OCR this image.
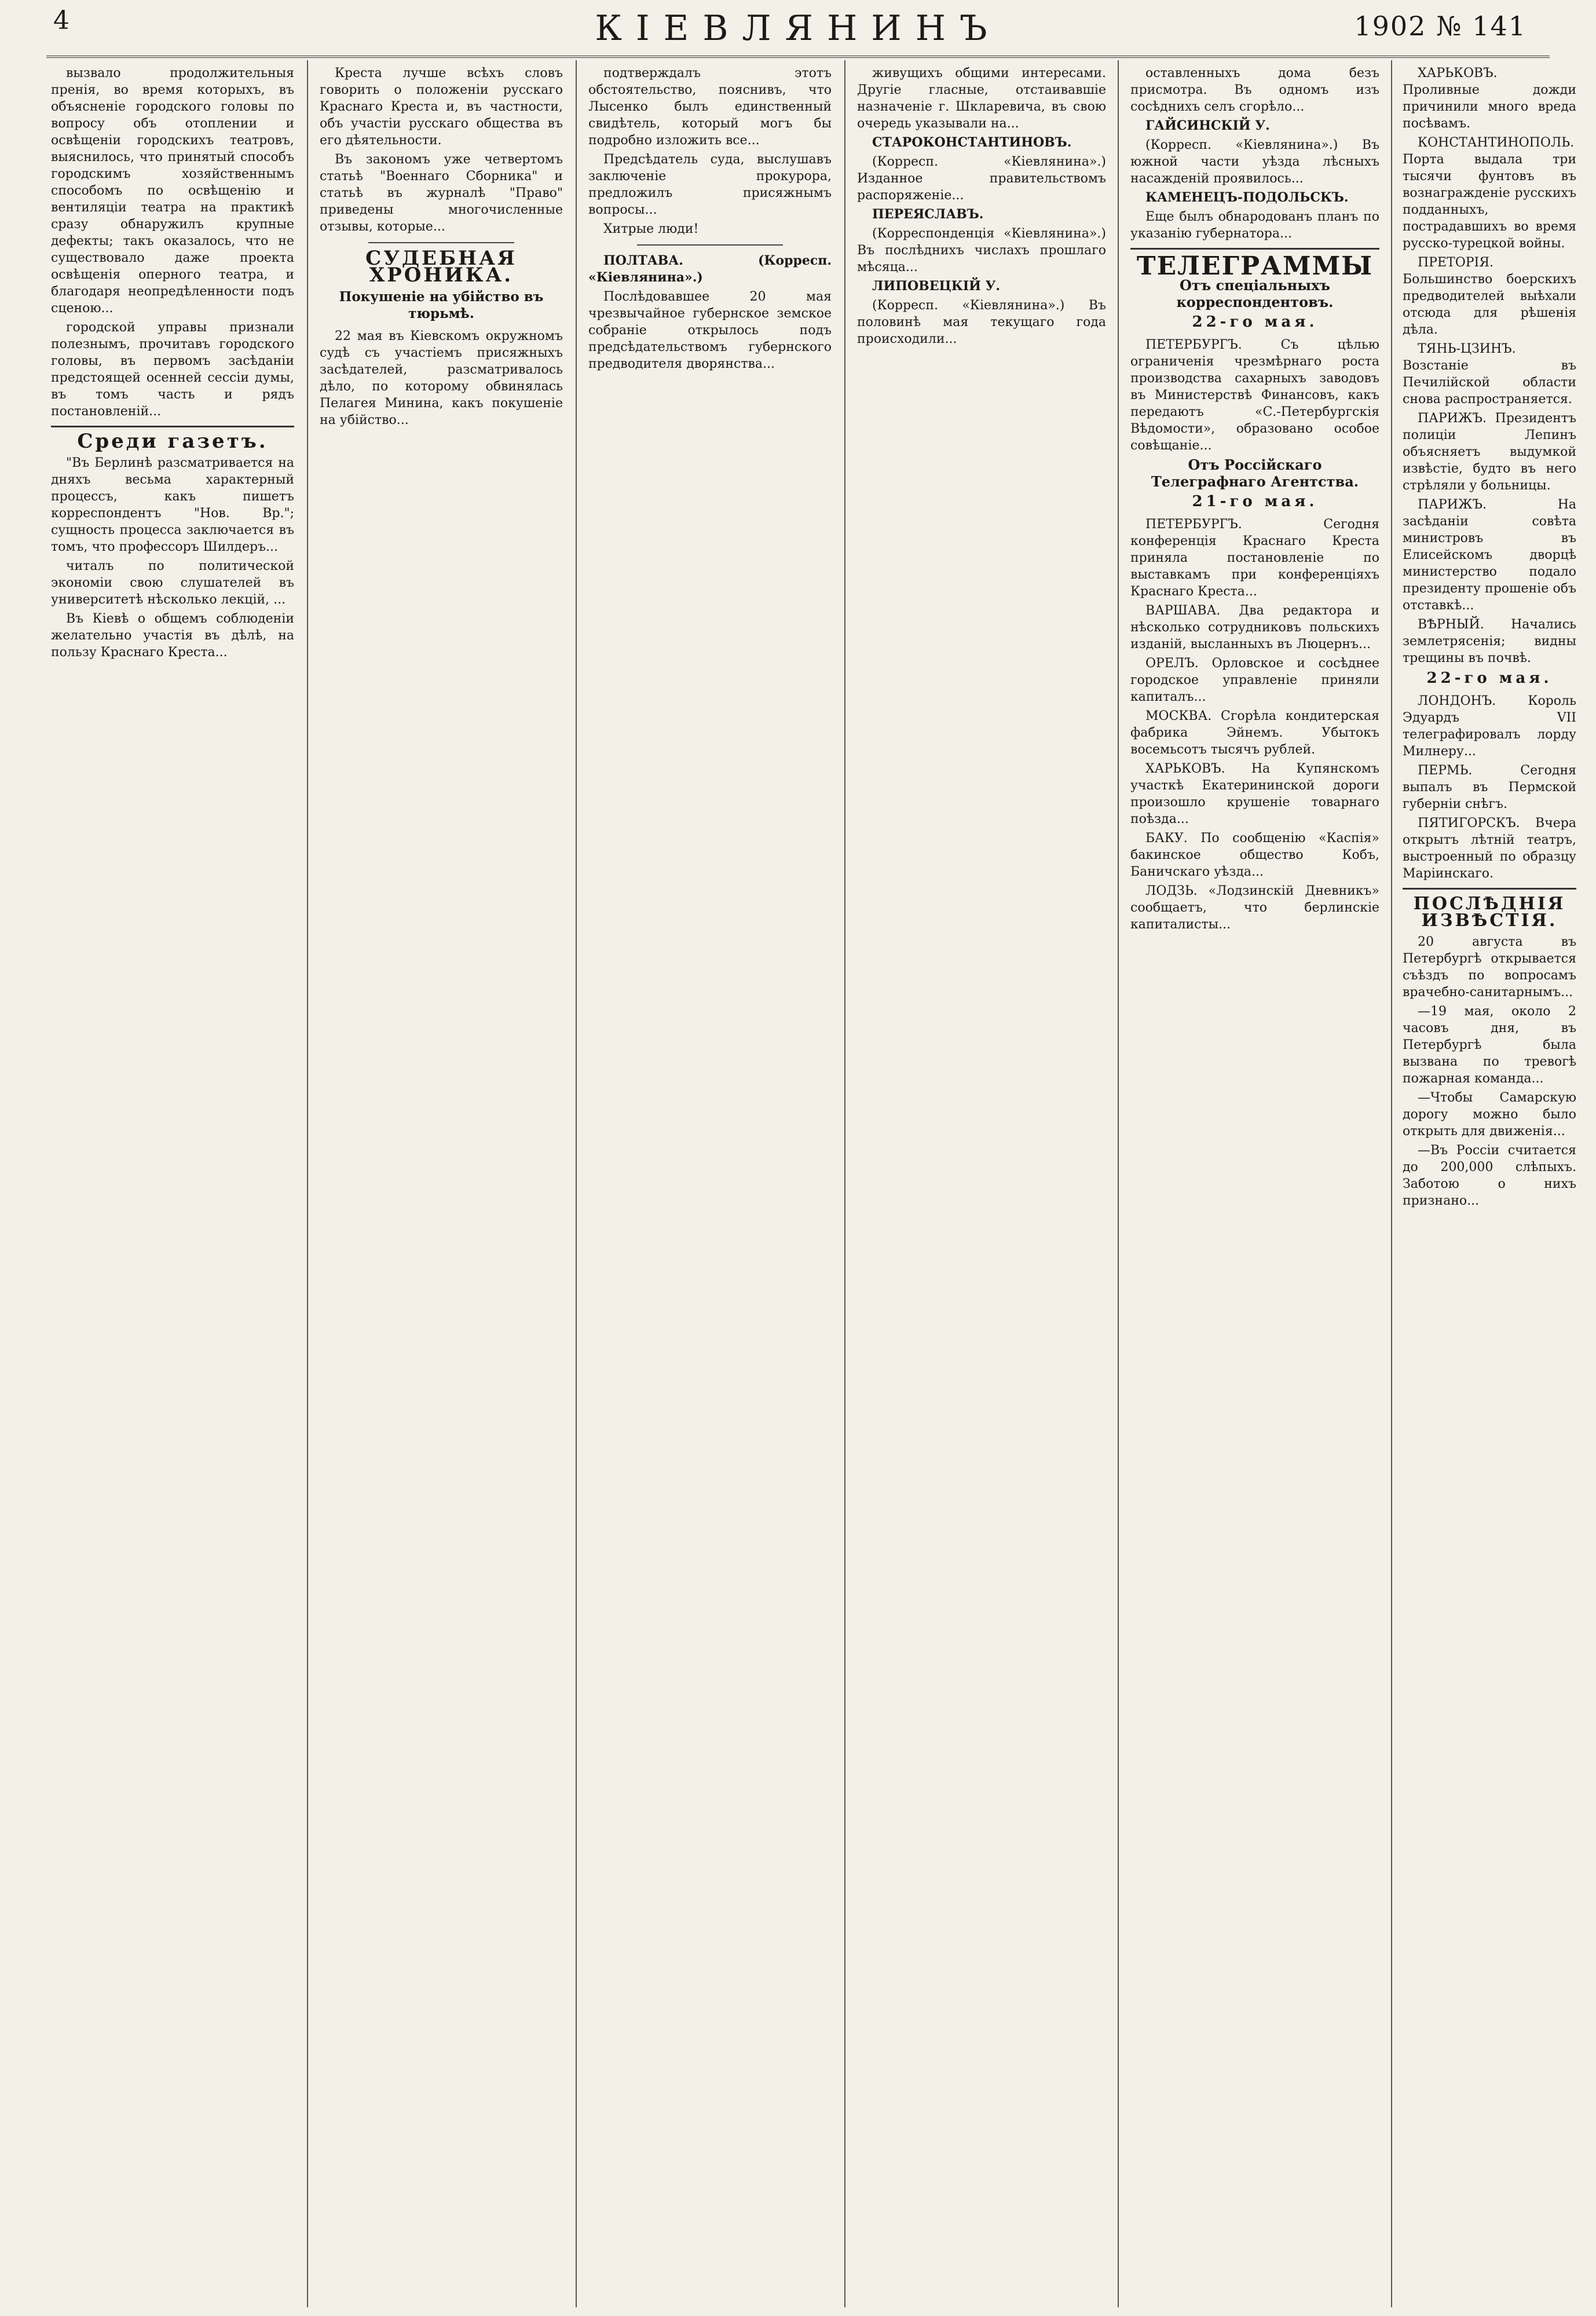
4	КІЕВЛЯНИНЪ	1902 № 141

вызвало продолжительныя пренія, во время которыхъ, въ объясненіе городского головы по вопросу объ отоплении и освѣщеніи городскихъ театровъ, выяснилось, что принятый способъ городскимъ хозяйственнымъ способомъ по освѣщенію и вентиляціи театра на практикѣ сразу обнаружилъ крупные дефекты; такъ оказалось, что не существовало даже проекта освѣщенія оперного театра, и благодаря неопредѣленности подъ сценою...

городской управы признали полезнымъ, прочитавъ городского головы, въ первомъ засѣданіи предстоящей осенней сессіи думы, въ томъ часть и рядъ постановленій...

Среди газетъ.

"Въ Берлинѣ разсматривается на дняхъ весьма характерный процессъ, какъ пишетъ корреспондентъ "Нов. Вр."; сущность процесса заключается въ томъ, что профессоръ Шилдеръ...

читалъ по политической экономіи свою слушателей въ университетѣ нѣсколько лекцій, ...

Въ Кіевѣ о общемъ соблюденіи желательно участія въ дѣлѣ, на пользу Краснаго Креста...

Креста лучше всѣхъ словъ говорить о положеніи русскаго Краснаго Креста и, въ частности, объ участіи русскаго общества въ его дѣятельности.

Въ закономъ уже четвертомъ статьѣ "Военнаго Сборника" и статьѣ въ журналѣ "Право" приведены многочисленные отзывы, которые...

СУДЕБНАЯ ХРОНИКА.
Покушеніе на убійство въ тюрьмѣ.

22 мая въ Кіевскомъ окружномъ судѣ съ участіемъ присяжныхъ засѣдателей, разсматривалось дѣло, по которому обвинялась Пелагея Минина, какъ покушеніе на убійство...

подтверждалъ этотъ обстоятельство, пояснивъ, что Лысенко былъ единственный свидѣтель, который могъ бы подробно изложить все...

Предсѣдатель суда, выслушавъ заключеніе прокурора, предложилъ присяжнымъ вопросы...

Хитрые люди!

ПОЛТАВА. (Корресп. «Кіевлянина».)

Послѣдовавшее 20 мая чрезвычайное губернское земское собраніе открылось подъ предсѣдательствомъ губернского предводителя дворянства...

живущихъ общими интересами. Другіе гласные, отстаивавшіе назначеніе г. Шкларевича, въ свою очередь указывали на...

СТАРОКОНСТАНТИНОВЪ.

(Корресп. «Кіевлянина».) Изданное правительствомъ распоряженіе...

ПЕРЕЯСЛАВЪ.

(Корреспонденція «Кіевлянина».) Въ послѣднихъ числахъ прошлаго мѣсяца...

ЛИПОВЕЦКІЙ У.

(Корресп. «Кіевлянина».) Въ половинѣ мая текущаго года происходили...

оставленныхъ дома безъ присмотра. Въ одномъ изъ сосѣднихъ селъ сгорѣло...

ГАЙСИНСКІЙ У.

(Корресп. «Кіевлянина».) Въ южной части уѣзда лѣсныхъ насажденій проявилось...

КАМЕНЕЦЪ-ПОДОЛЬСКЪ.

Еще былъ обнародованъ планъ по указанію губернатора...

ТЕЛЕГРАММЫ
Отъ спеціальныхъ корреспондентовъ.
22-го мая.

ПЕТЕРБУРГЪ. Съ цѣлью ограниченія чрезмѣрнаго роста производства сахарныхъ заводовъ въ Министерствѣ Финансовъ, какъ передаютъ «С.-Петербургскія Вѣдомости», образовано особое совѣщаніе...

Отъ Россійскаго Телеграфнаго Агентства.
21-го мая.

ПЕТЕРБУРГЪ. Сегодня конференція Краснаго Креста приняла постановленіе по выставкамъ при конференціяхъ Краснаго Креста...

ВАРШАВА. Два редактора и нѣсколько сотрудниковъ польскихъ изданій, высланныхъ въ Люцернъ...

ОРЕЛЪ. Орловское и сосѣднее городское управленіе приняли капиталъ...

МОСКВА. Сгорѣла кондитерская фабрика Эйнемъ. Убытокъ восемьсотъ тысячъ рублей.

ХАРЬКОВЪ. На Купянскомъ участкѣ Екатерининской дороги произошло крушеніе товарнаго поѣзда...

БАКУ. По сообщенію «Каспія» бакинское общество Кобъ, Баничскаго уѣзда...

ЛОДЗЬ. «Лодзинскій Дневникъ» сообщаетъ, что берлинскіе капиталисты...

ХАРЬКОВЪ. Проливные дожди причинили много вреда посѣвамъ.

КОНСТАНТИНОПОЛЬ. Порта выдала три тысячи фунтовъ въ вознагражденіе русскихъ подданныхъ, пострадавшихъ во время русско-турецкой войны.

ПРЕТОРІЯ. Большинство боерскихъ предводителей выѣхали отсюда для рѣшенія дѣла.

ТЯНЬ-ЦЗИНЪ. Возстаніе въ Печилійской области снова распространяется.

ПАРИЖЪ. Президентъ полиціи Лепинъ объясняетъ выдумкой извѣстіе, будто въ него стрѣляли у больницы.

ПАРИЖЪ. На засѣданіи совѣта министровъ въ Елисейскомъ дворцѣ министерство подало президенту прошеніе объ отставкѣ...

ВѢРНЫЙ. Начались землетрясенія; видны трещины въ почвѣ.

22-го мая.

ЛОНДОНЪ. Король Эдуардъ VII телеграфировалъ лорду Милнеру...

ПЕРМЬ. Сегодня выпалъ въ Пермской губерніи снѣгъ.

ПЯТИГОРСКЪ. Вчера открытъ лѣтній театръ, выстроенный по образцу Маріинскаго.

ПОСЛѢДНІЯ ИЗВѢСТІЯ.

20 августа въ Петербургѣ открывается съѣздъ по вопросамъ врачебно-санитарнымъ...

—19 мая, около 2 часовъ дня, въ Петербургѣ была вызвана по тревогѣ пожарная команда...

—Чтобы Самарскую дорогу можно было открыть для движенія...

—Въ Россіи считается до 200,000 слѣпыхъ. Заботою о нихъ признано...
